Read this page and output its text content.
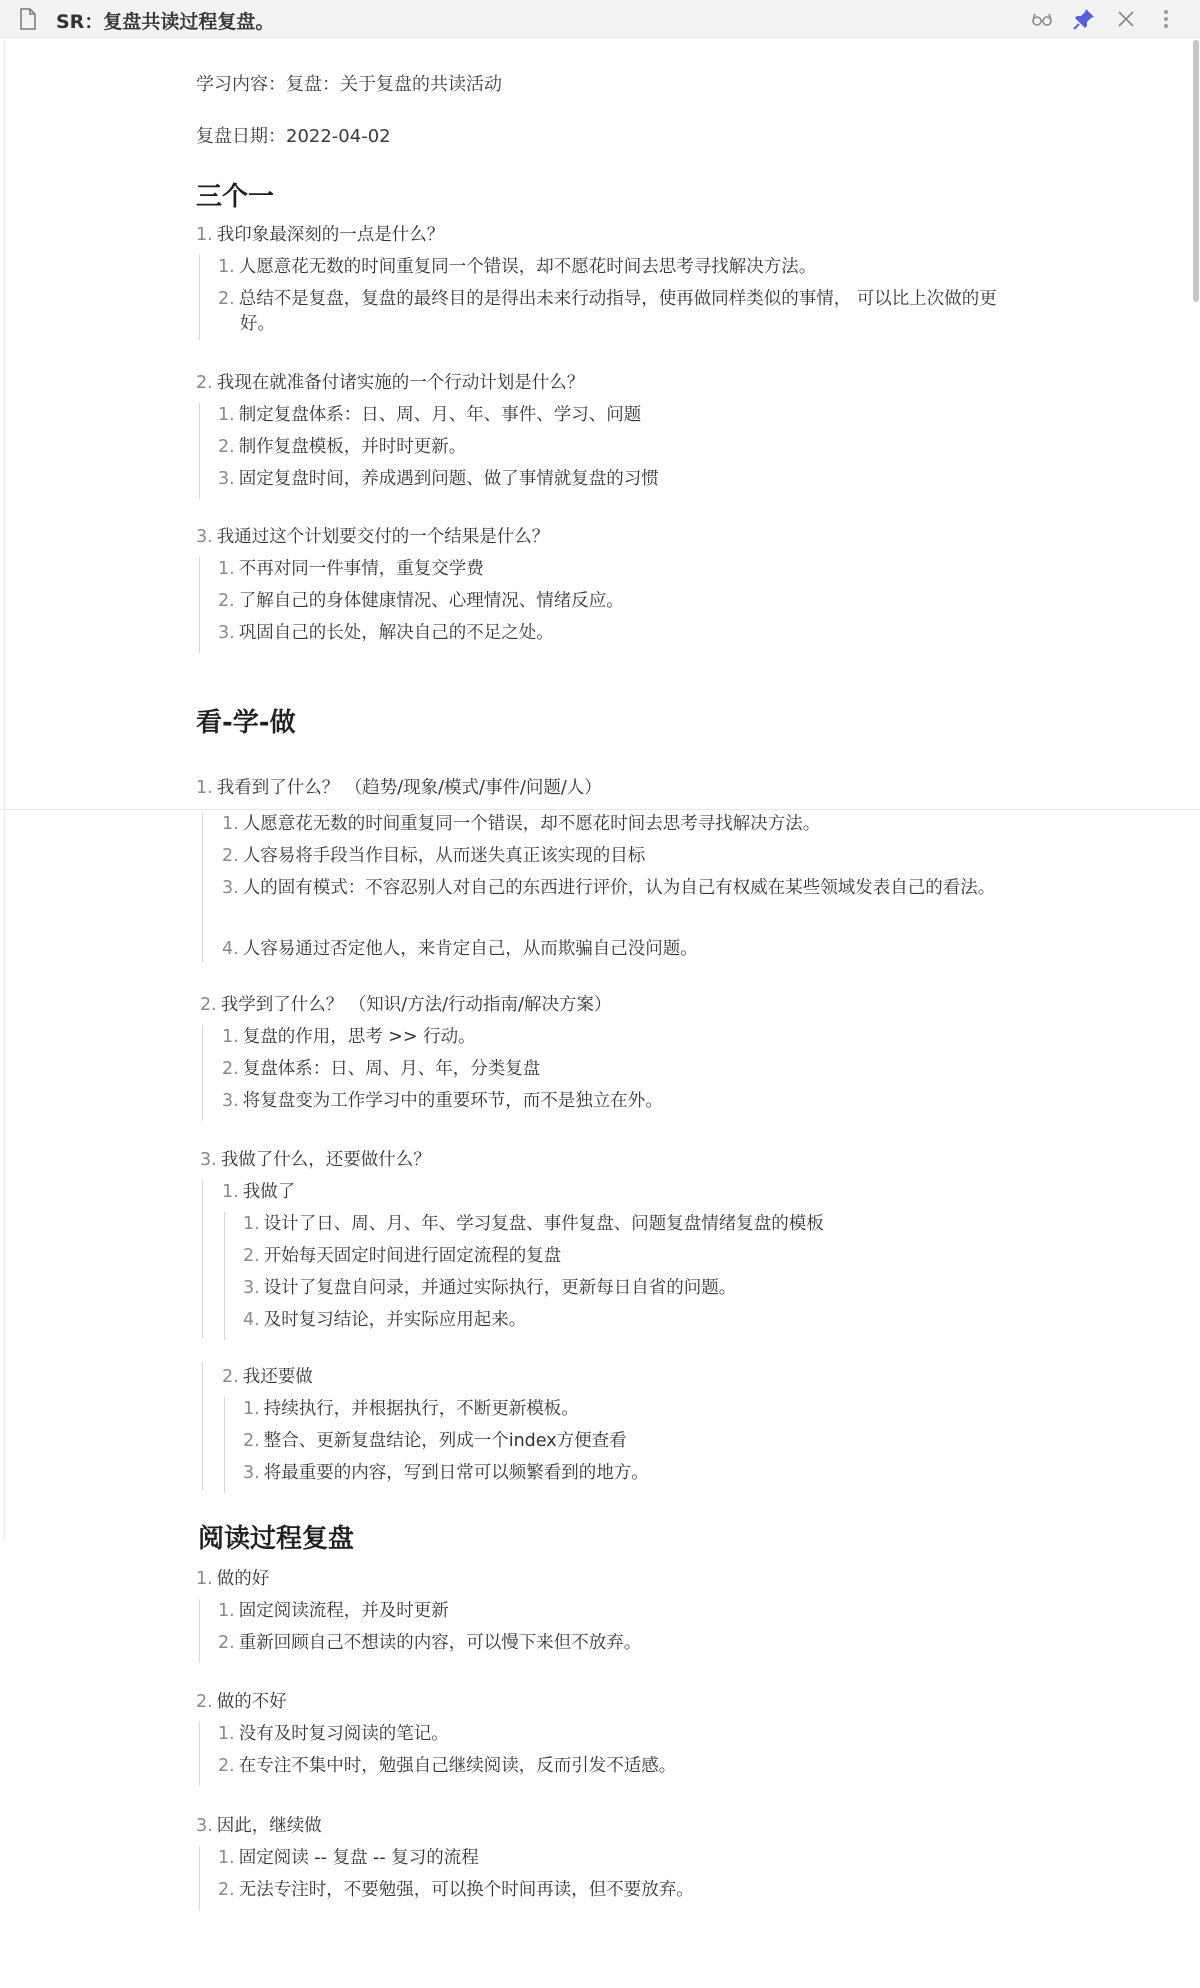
SR：复盘共读过程复盘。
学习内容：复盘：关于复盘的共读活动
复盘日期：2022-04-02
三个一
1. 我印象最深刻的一点是什么？
1. 人愿意花无数的时间重复同一个错误，却不愿花时间去思考寻找解决方法。
2. 总结不是复盘，复盘的最终目的是得出未来行动指导，使再做同样类似的事情， 可以比上次做的更好。
2. 我现在就准备付诸实施的一个行动计划是什么？
1. 制定复盘体系：日、周、月、年、事件、学习、问题
2. 制作复盘模板，并时时更新。
3. 固定复盘时间，养成遇到问题、做了事情就复盘的习惯
3. 我通过这个计划要交付的一个结果是什么？
1. 不再对同一件事情，重复交学费
2. 了解自己的身体健康情况、心理情况、情绪反应。
3. 巩固自己的长处，解决自己的不足之处。
看-学-做
1. 我看到了什么？ （趋势/现象/模式/事件/问题/人）
1. 人愿意花无数的时间重复同一个错误，却不愿花时间去思考寻找解决方法。
2. 人容易将手段当作目标，从而迷失真正该实现的目标
3. 人的固有模式：不容忍别人对自己的东西进行评价，认为自己有权威在某些领域发表自己的看法。
4. 人容易通过否定他人，来肯定自己，从而欺骗自己没问题。
2. 我学到了什么？ （知识/方法/行动指南/解决方案）
1. 复盘的作用，思考 >> 行动。
2. 复盘体系：日、周、月、年，分类复盘
3. 将复盘变为工作学习中的重要环节，而不是独立在外。
3. 我做了什么，还要做什么？
1. 我做了
1. 设计了日、周、月、年、学习复盘、事件复盘、问题复盘情绪复盘的模板
2. 开始每天固定时间进行固定流程的复盘
3. 设计了复盘自问录，并通过实际执行，更新每日自省的问题。
4. 及时复习结论，并实际应用起来。
2. 我还要做
1. 持续执行，并根据执行，不断更新模板。
2. 整合、更新复盘结论，列成一个index方便查看
3. 将最重要的内容，写到日常可以频繁看到的地方。
阅读过程复盘
1. 做的好
1. 固定阅读流程，并及时更新
2. 重新回顾自己不想读的内容，可以慢下来但不放弃。
2. 做的不好
1. 没有及时复习阅读的笔记。
2. 在专注不集中时，勉强自己继续阅读，反而引发不适感。
3. 因此，继续做
1. 固定阅读 -- 复盘 -- 复习的流程
2. 无法专注时，不要勉强，可以换个时间再读，但不要放弃。
